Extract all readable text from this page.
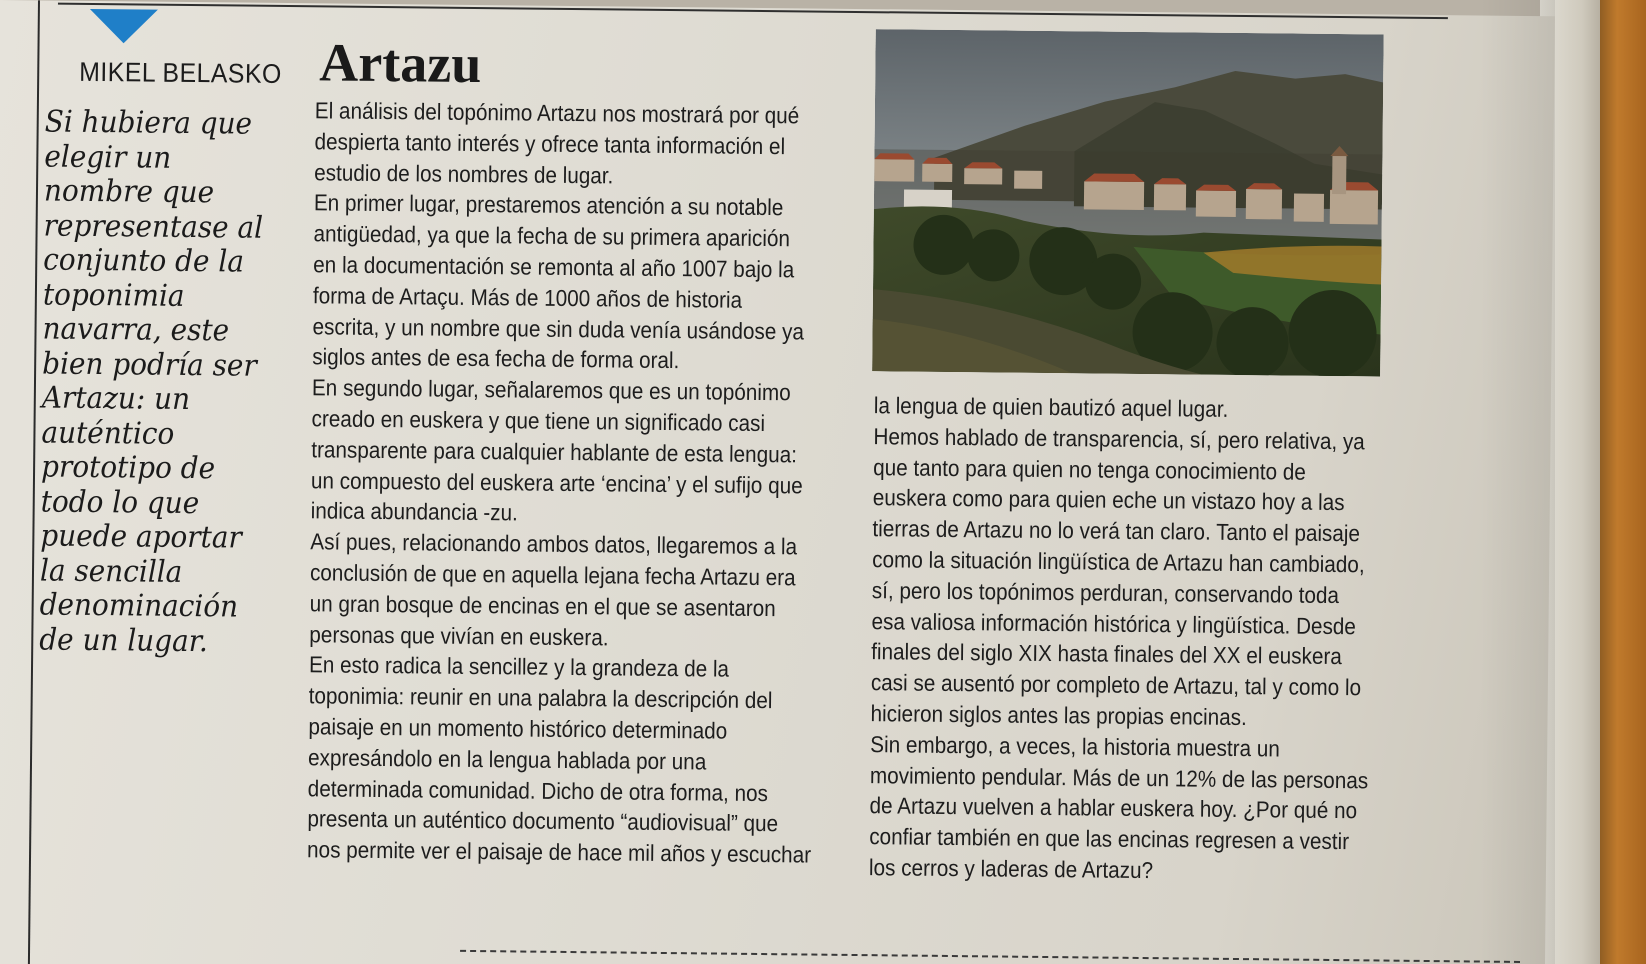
MIKEL BELASKO Artazu
Si hubiera que
elegir un
nombre que
representase al
conjunto de la
toponimia
navarra, este
bien podría ser
Artazu: un
auténtico
prototipo de
todo lo que
puede aportar
la sencilla
denominación
de un lugar.
El análisis del topónimo Artazu nos mostrará por qué
despierta tanto interés y ofrece tanta información el
estudio de los nombres de lugar.
En primer lugar, prestaremos atención a su notable
antigüedad, ya que la fecha de su primera aparición
en la documentación se remonta al año 1007 bajo la
forma de Artaçu. Más de 1000 años de historia
escrita, y un nombre que sin duda venía usándose ya
siglos antes de esa fecha de forma oral.
En segundo lugar, señalaremos que es un topónimo
creado en euskera y que tiene un significado casi
transparente para cualquier hablante de esta lengua:
un compuesto del euskera arte ‘encina’ y el sufijo que
indica abundancia -zu.
Así pues, relacionando ambos datos, llegaremos a la
conclusión de que en aquella lejana fecha Artazu era
un gran bosque de encinas en el que se asentaron
personas que vivían en euskera.
En esto radica la sencillez y la grandeza de la
toponimia: reunir en una palabra la descripción del
paisaje en un momento histórico determinado
expresándolo en la lengua hablada por una
determinada comunidad. Dicho de otra forma, nos
presenta un auténtico documento “audiovisual” que
nos permite ver el paisaje de hace mil años y escuchar
la lengua de quien bautizó aquel lugar.
Hemos hablado de transparencia, sí, pero relativa, ya
que tanto para quien no tenga conocimiento de
euskera como para quien eche un vistazo hoy a las
tierras de Artazu no lo verá tan claro. Tanto el paisaje
como la situación lingüística de Artazu han cambiado,
sí, pero los topónimos perduran, conservando toda
esa valiosa información histórica y lingüística. Desde
finales del siglo XIX hasta finales del XX el euskera
casi se ausentó por completo de Artazu, tal y como lo
hicieron siglos antes las propias encinas.
Sin embargo, a veces, la historia muestra un
movimiento pendular. Más de un 12% de las personas
de Artazu vuelven a hablar euskera hoy. ¿Por qué no
confiar también en que las encinas regresen a vestir
los cerros y laderas de Artazu?
